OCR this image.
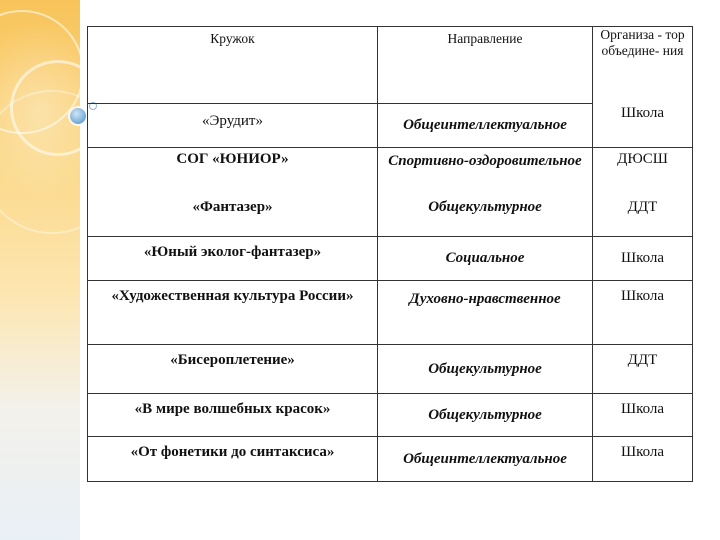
Кружок	Направление	Организа - тор объедине- ния
«Эрудит»	Общеинтеллектуальное	Школа
СОГ «ЮНИОР»	Спортивно-оздоровительное	ДЮСШ
«Фантазер»	Общекультурное	ДДТ
«Юный эколог-фантазер»	Социальное	Школа
«Художественная культура России»	Духовно-нравственное	Школа
«Бисероплетение»	Общекультурное	ДДТ
«В мире волшебных красок»	Общекультурное	Школа
«От фонетики до синтаксиса»	Общеинтеллектуальное	Школа
